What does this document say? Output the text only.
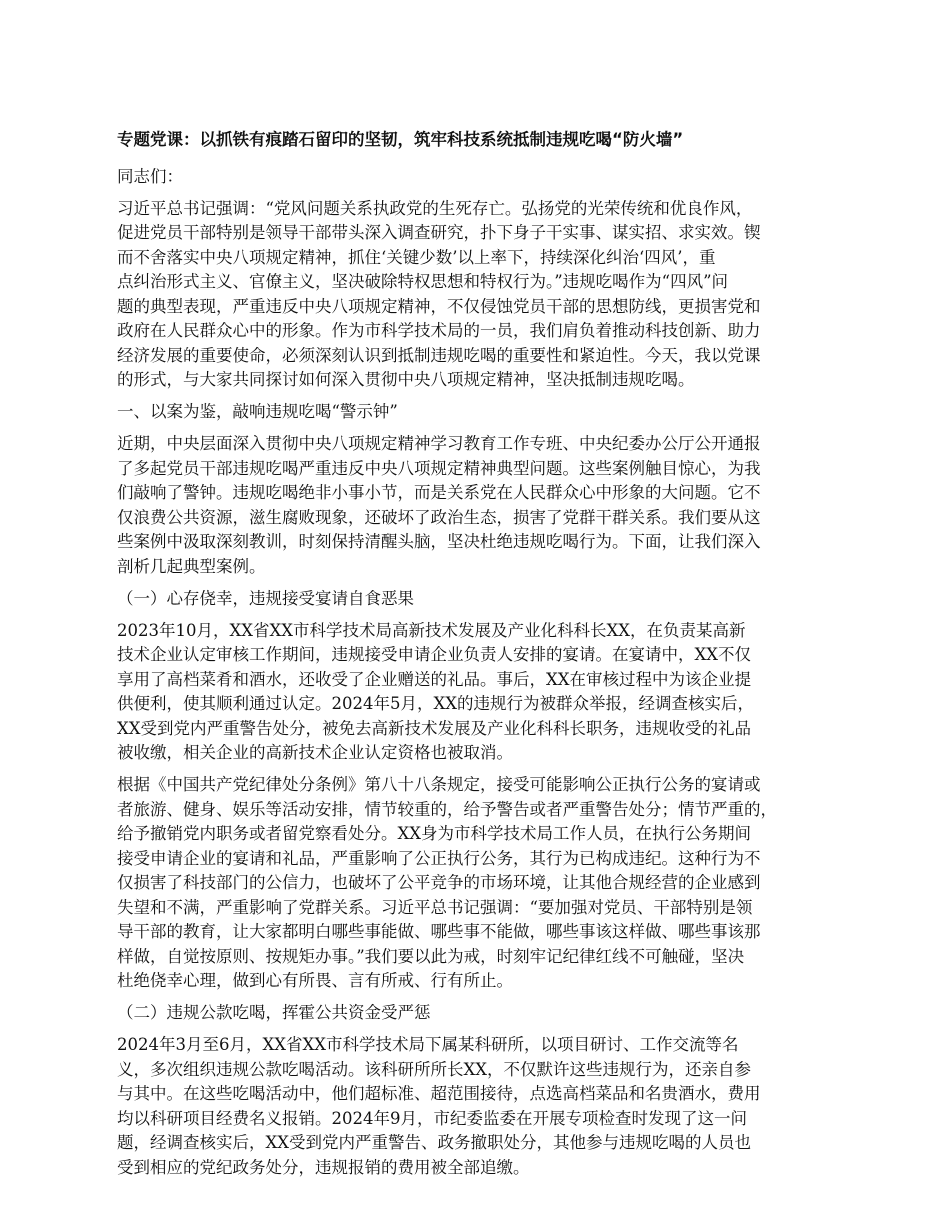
专题党课：以抓铁有痕踏石留印的坚韧，筑牢科技系统抵制违规吃喝“防火墙”
同志们：
习近平总书记强调：“党风问题关系执政党的生死存亡。弘扬党的光荣传统和优良作风，
促进党员干部特别是领导干部带头深入调查研究，扑下身子干实事、谋实招、求实效。锲
而不舍落实中央八项规定精神，抓住‘关键少数’以上率下，持续深化纠治‘四风’，重
点纠治形式主义、官僚主义，坚决破除特权思想和特权行为。”违规吃喝作为“四风”问
题的典型表现，严重违反中央八项规定精神，不仅侵蚀党员干部的思想防线，更损害党和
政府在人民群众心中的形象。作为市科学技术局的一员，我们肩负着推动科技创新、助力
经济发展的重要使命，必须深刻认识到抵制违规吃喝的重要性和紧迫性。今天，我以党课
的形式，与大家共同探讨如何深入贯彻中央八项规定精神，坚决抵制违规吃喝。
一、以案为鉴，敲响违规吃喝“警示钟”
近期，中央层面深入贯彻中央八项规定精神学习教育工作专班、中央纪委办公厅公开通报
了多起党员干部违规吃喝严重违反中央八项规定精神典型问题。这些案例触目惊心，为我
们敲响了警钟。违规吃喝绝非小事小节，而是关系党在人民群众心中形象的大问题。它不
仅浪费公共资源，滋生腐败现象，还破坏了政治生态，损害了党群干群关系。我们要从这
些案例中汲取深刻教训，时刻保持清醒头脑，坚决杜绝违规吃喝行为。下面，让我们深入
剖析几起典型案例。
（一）心存侥幸，违规接受宴请自食恶果
2023年10月，XX省XX市科学技术局高新技术发展及产业化科科长XX，在负责某高新
技术企业认定审核工作期间，违规接受申请企业负责人安排的宴请。在宴请中，XX不仅
享用了高档菜肴和酒水，还收受了企业赠送的礼品。事后，XX在审核过程中为该企业提
供便利，使其顺利通过认定。2024年5月，XX的违规行为被群众举报，经调查核实后，
XX受到党内严重警告处分，被免去高新技术发展及产业化科科长职务，违规收受的礼品
被收缴，相关企业的高新技术企业认定资格也被取消。
根据《中国共产党纪律处分条例》第八十八条规定，接受可能影响公正执行公务的宴请或
者旅游、健身、娱乐等活动安排，情节较重的，给予警告或者严重警告处分；情节严重的，
给予撤销党内职务或者留党察看处分。XX身为市科学技术局工作人员，在执行公务期间
接受申请企业的宴请和礼品，严重影响了公正执行公务，其行为已构成违纪。这种行为不
仅损害了科技部门的公信力，也破坏了公平竞争的市场环境，让其他合规经营的企业感到
失望和不满，严重影响了党群关系。习近平总书记强调：“要加强对党员、干部特别是领
导干部的教育，让大家都明白哪些事能做、哪些事不能做，哪些事该这样做、哪些事该那
样做，自觉按原则、按规矩办事。”我们要以此为戒，时刻牢记纪律红线不可触碰，坚决
杜绝侥幸心理，做到心有所畏、言有所戒、行有所止。
（二）违规公款吃喝，挥霍公共资金受严惩
2024年3月至6月，XX省XX市科学技术局下属某科研所，以项目研讨、工作交流等名
义，多次组织违规公款吃喝活动。该科研所所长XX，不仅默许这些违规行为，还亲自参
与其中。在这些吃喝活动中，他们超标准、超范围接待，点选高档菜品和名贵酒水，费用
均以科研项目经费名义报销。2024年9月，市纪委监委在开展专项检查时发现了这一问
题，经调查核实后，XX受到党内严重警告、政务撤职处分，其他参与违规吃喝的人员也
受到相应的党纪政务处分，违规报销的费用被全部追缴。
